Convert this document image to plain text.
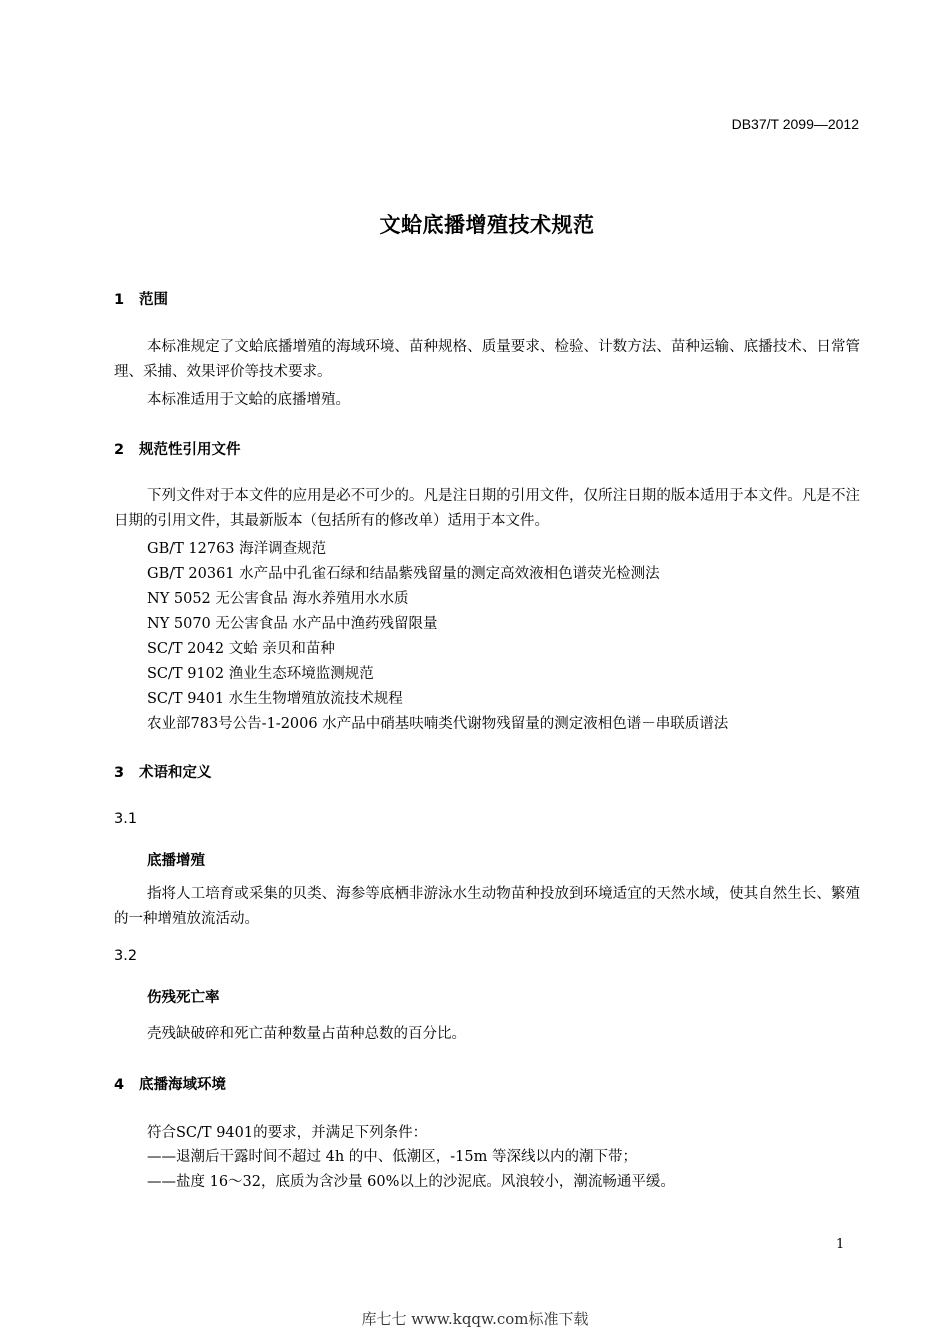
DB37/T 2099—2012
文蛤底播增殖技术规范
1 范围
本标准规定了文蛤底播增殖的海域环境、苗种规格、质量要求、检验、计数方法、苗种运输、底播技术、日常管理、采捕、效果评价等技术要求。
本标准适用于文蛤的底播增殖。
2 规范性引用文件
下列文件对于本文件的应用是必不可少的。凡是注日期的引用文件，仅所注日期的版本适用于本文件。凡是不注日期的引用文件，其最新版本（包括所有的修改单）适用于本文件。
GB/T 12763 海洋调查规范
GB/T 20361 水产品中孔雀石绿和结晶紫残留量的测定高效液相色谱荧光检测法
NY 5052 无公害食品 海水养殖用水水质
NY 5070 无公害食品 水产品中渔药残留限量
SC/T 2042 文蛤 亲贝和苗种
SC/T 9102 渔业生态环境监测规范
SC/T 9401 水生生物增殖放流技术规程
农业部783号公告-1-2006 水产品中硝基呋喃类代谢物残留量的测定液相色谱－串联质谱法
3 术语和定义
3.1
底播增殖
指将人工培育或采集的贝类、海参等底栖非游泳水生动物苗种投放到环境适宜的天然水域，使其自然生长、繁殖的一种增殖放流活动。
3.2
伤残死亡率
壳残缺破碎和死亡苗种数量占苗种总数的百分比。
4 底播海域环境
符合SC/T 9401的要求，并满足下列条件：
——退潮后干露时间不超过 4h 的中、低潮区，-15m 等深线以内的潮下带；
——盐度 16～32，底质为含沙量 60%以上的沙泥底。风浪较小，潮流畅通平缓。
1
库七七 www.kqqw.com标准下载
